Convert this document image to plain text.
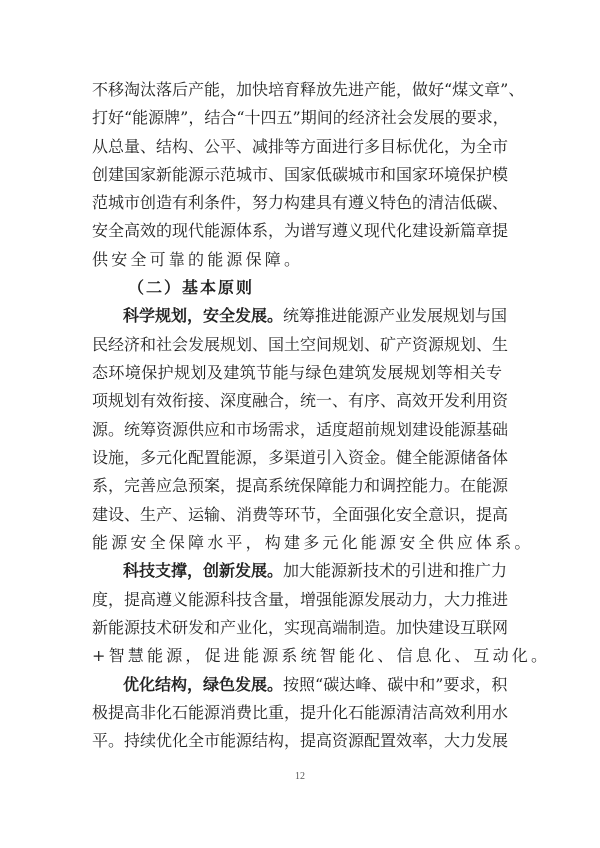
不移淘汰落后产能，加快培育释放先进产能，做好“煤文章”、
打好“能源牌”，结合“十四五”期间的经济社会发展的要求，
从总量、结构、公平、减排等方面进行多目标优化，为全市
创建国家新能源示范城市、国家低碳城市和国家环境保护模
范城市创造有利条件，努力构建具有遵义特色的清洁低碳、
安全高效的现代能源体系，为谱写遵义现代化建设新篇章提
供安全可靠的能源保障。
（二）基本原则
科学规划，安全发展。统筹推进能源产业发展规划与国
民经济和社会发展规划、国土空间规划、矿产资源规划、生
态环境保护规划及建筑节能与绿色建筑发展规划等相关专
项规划有效衔接、深度融合，统一、有序、高效开发利用资
源。统筹资源供应和市场需求，适度超前规划建设能源基础
设施，多元化配置能源，多渠道引入资金。健全能源储备体
系，完善应急预案，提高系统保障能力和调控能力。在能源
建设、生产、运输、消费等环节，全面强化安全意识，提高
能源安全保障水平，构建多元化能源安全供应体系。
科技支撑，创新发展。加大能源新技术的引进和推广力
度，提高遵义能源科技含量，增强能源发展动力，大力推进
新能源技术研发和产业化，实现高端制造。加快建设互联网
+智慧能源，促进能源系统智能化、信息化、互动化。
优化结构，绿色发展。按照“碳达峰、碳中和”要求，积
极提高非化石能源消费比重，提升化石能源清洁高效利用水
平。持续优化全市能源结构，提高资源配置效率，大力发展
12
